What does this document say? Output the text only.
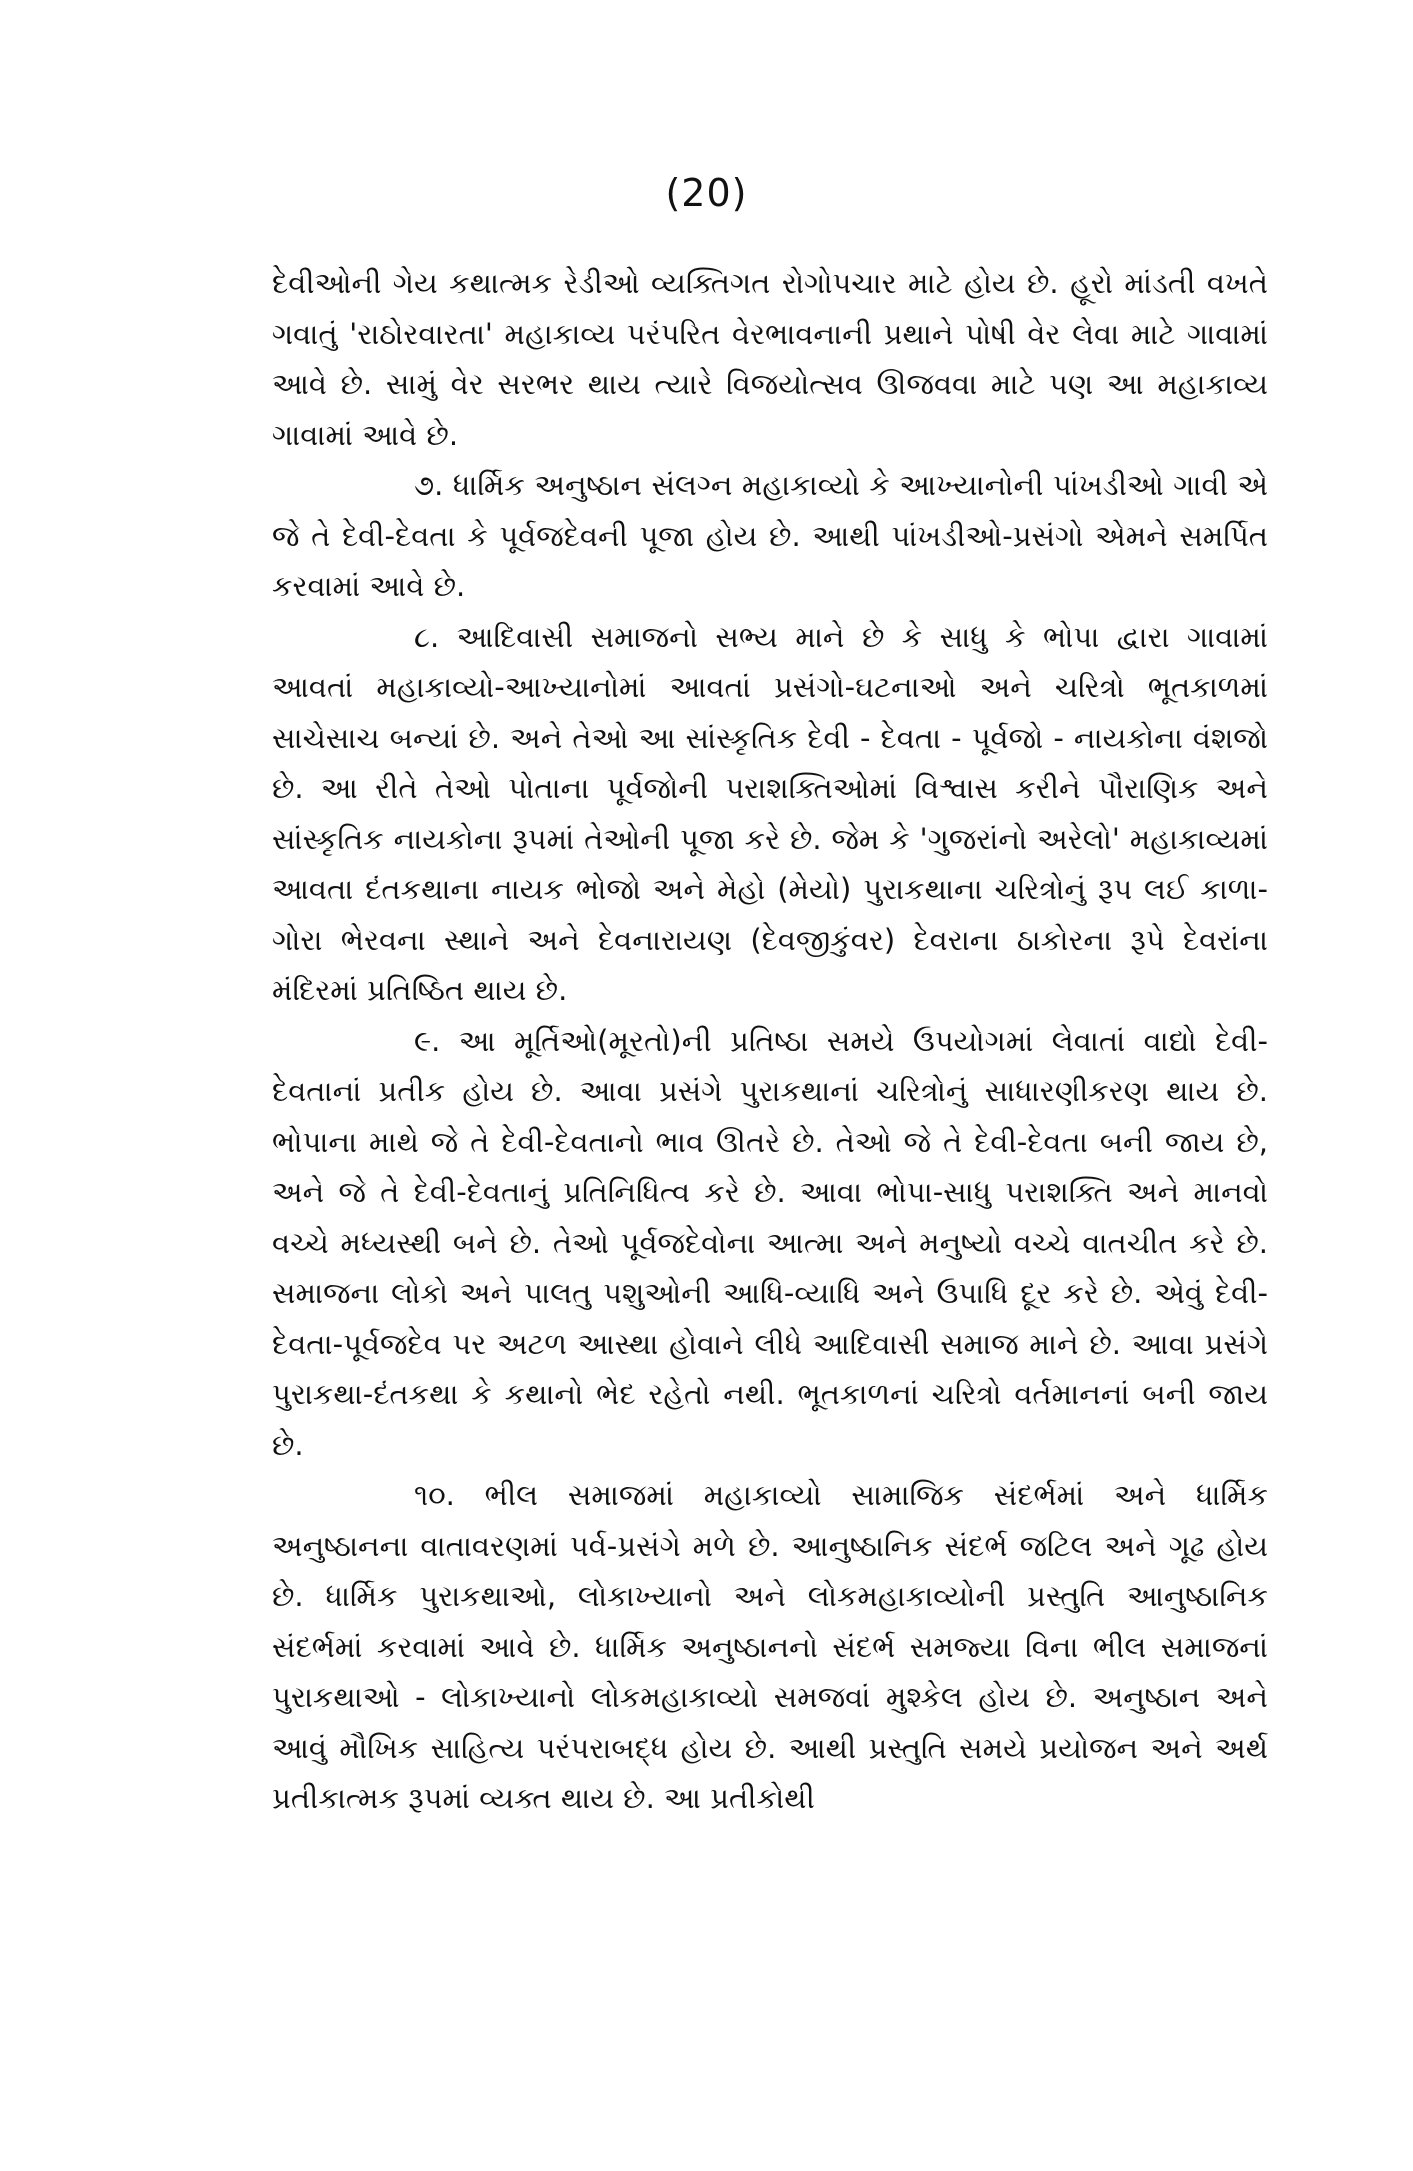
(20)

દેવીઓની ગેય કથાત્મક રેડીઓ વ્યક્તિગત રોગોપચાર માટે હોય છે. હૂરો માંડતી વખતે ગવાતું 'રાઠોરવારતા' મહાકાવ્ય પરંપરિત વેરભાવનાની પ્રથાને પોષી વેર લેવા માટે ગાવામાં આવે છે. સામું વેર સરભર થાય ત્યારે વિજયોત્સવ ઊજવવા માટે પણ આ મહાકાવ્ય ગાવામાં આવે છે.

૭. ધાર્મિક અનુષ્ઠાન સંલગ્ન મહાકાવ્યો કે આખ્યાનોની પાંખડીઓ ગાવી એ જે તે દેવી-દેવતા કે પૂર્વજદેવની પૂજા હોય છે. આથી પાંખડીઓ-પ્રસંગો એમને સમર્પિત કરવામાં આવે છે.

૮. આદિવાસી સમાજનો સભ્ય માને છે કે સાધુ કે ભોપા દ્વારા ગાવામાં આવતાં મહાકાવ્યો-આખ્યાનોમાં આવતાં પ્રસંગો-ઘટનાઓ અને ચરિત્રો ભૂતકાળમાં સાચેસાચ બન્યાં છે. અને તેઓ આ સાંસ્કૃતિક દેવી - દેવતા - પૂર્વજો - નાયકોના વંશજો છે. આ રીતે તેઓ પોતાના પૂર્વજોની પરાશક્તિઓમાં વિશ્વાસ કરીને પૌરાણિક અને સાંસ્કૃતિક નાયકોના રૂપમાં તેઓની પૂજા કરે છે. જેમ કે 'ગુજરાંનો અરેલો' મહાકાવ્યમાં આવતા દંતકથાના નાયક ભોજો અને મેહો (મેયો) પુરાકથાના ચરિત્રોનું રૂપ લઈ કાળા-ગોરા ભેરવના સ્થાને અને દેવનારાયણ (દેવજીકુંવર) દેવરાના ઠાકોરના રૂપે દેવરાંના મંદિરમાં પ્રતિષ્ઠિત થાય છે.

૯. આ મૂર્તિઓ(મૂરતો)ની પ્રતિષ્ઠા સમયે ઉપયોગમાં લેવાતાં વાદ્યો દેવી-દેવતાનાં પ્રતીક હોય છે. આવા પ્રસંગે પુરાકથાનાં ચરિત્રોનું સાધારણીકરણ થાય છે. ભોપાના માથે જે તે દેવી-દેવતાનો ભાવ ઊતરે છે. તેઓ જે તે દેવી-દેવતા બની જાય છે, અને જે તે દેવી-દેવતાનું પ્રતિનિધિત્વ કરે છે. આવા ભોપા-સાધુ પરાશક્તિ અને માનવો વચ્ચે મધ્યસ્થી બને છે. તેઓ પૂર્વજદેવોના આત્મા અને મનુષ્યો વચ્ચે વાતચીત કરે છે. સમાજના લોકો અને પાલતુ પશુઓની આધિ-વ્યાધિ અને ઉપાધિ દૂર કરે છે. એવું દેવી-દેવતા-પૂર્વજદેવ પર અટળ આસ્થા હોવાને લીધે આદિવાસી સમાજ માને છે. આવા પ્રસંગે પુરાકથા-દંતકથા કે કથાનો ભેદ રહેતો નથી. ભૂતકાળનાં ચરિત્રો વર્તમાનનાં બની જાય છે.

૧૦. ભીલ સમાજમાં મહાકાવ્યો સામાજિક સંદર્ભમાં અને ધાર્મિક અનુષ્ઠાનના વાતાવરણમાં પર્વ-પ્રસંગે મળે છે. આનુષ્ઠાનિક સંદર્ભ જટિલ અને ગૂઢ હોય છે. ધાર્મિક પુરાકથાઓ, લોકાખ્યાનો અને લોકમહાકાવ્યોની પ્રસ્તુતિ આનુષ્ઠાનિક સંદર્ભમાં કરવામાં આવે છે. ધાર્મિક અનુષ્ઠાનનો સંદર્ભ સમજ્યા વિના ભીલ સમાજનાં પુરાકથાઓ - લોકાખ્યાનો લોકમહાકાવ્યો સમજવાં મુશ્કેલ હોય છે. અનુષ્ઠાન અને આવું મૌખિક સાહિત્ય પરંપરાબદ્ધ હોય છે. આથી પ્રસ્તુતિ સમયે પ્રયોજન અને અર્થ પ્રતીકાત્મક રૂપમાં વ્યક્ત થાય છે. આ પ્રતીકોથી
